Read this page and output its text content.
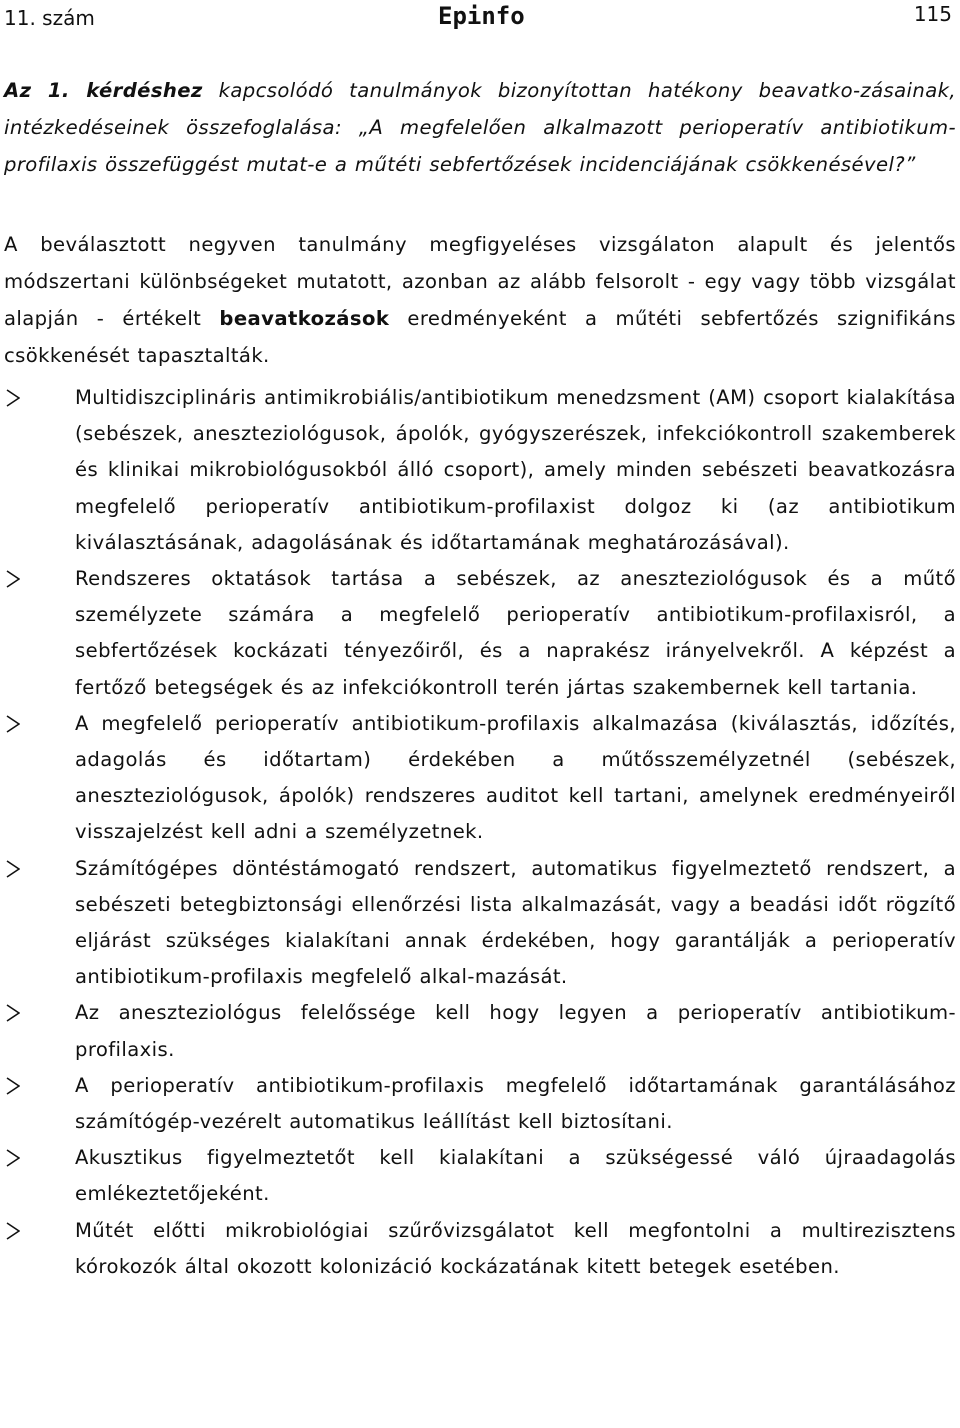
11. szám	Epinfo	115
Az 1. kérdéshez kapcsolódó tanulmányok bizonyítottan hatékony beavatko-zásainak, intézkedéseinek összefoglalása: „A megfelelően alkalmazott perioperatív antibiotikum-profilaxis összefüggést mutat-e a műtéti sebfertőzések incidenciájának csökkenésével?”
A beválasztott negyven tanulmány megfigyeléses vizsgálaton alapult és jelentős módszertani különbségeket mutatott, azonban az alább felsorolt - egy vagy több vizsgálat alapján - értékelt beavatkozások eredményeként a műtéti sebfertőzés szignifikáns csökkenését tapasztalták.
Multidiszciplináris antimikrobiális/antibiotikum menedzsment (AM) csoport kialakítása (sebészek, aneszteziológusok, ápolók, gyógyszerészek, infekciókontroll szakemberek és klinikai mikrobiológusokból álló csoport), amely minden sebészeti beavatkozásra megfelelő perioperatív antibiotikum-profilaxist dolgoz ki (az antibiotikum kiválasztásának, adagolásának és időtartamának meghatározásával).
Rendszeres oktatások tartása a sebészek, az aneszteziológusok és a műtő személyzete számára a megfelelő perioperatív antibiotikum-profilaxisról, a sebfertőzések kockázati tényezőiről, és a naprakész irányelvekről. A képzést a fertőző betegségek és az infekciókontroll terén jártas szakembernek kell tartania.
A megfelelő perioperatív antibiotikum-profilaxis alkalmazása (kiválasztás, időzítés, adagolás és időtartam) érdekében a műtősszemélyzetnél (sebészek, aneszteziológusok, ápolók) rendszeres auditot kell tartani, amelynek eredményeiről visszajelzést kell adni a személyzetnek.
Számítógépes döntéstámogató rendszert, automatikus figyelmeztető rendszert, a sebészeti betegbiztonsági ellenőrzési lista alkalmazását, vagy a beadási időt rögzítő eljárást szükséges kialakítani annak érdekében, hogy garantálják a perioperatív antibiotikum-profilaxis megfelelő alkal-mazását.
Az aneszteziológus felelőssége kell hogy legyen a perioperatív antibiotikum-profilaxis.
A perioperatív antibiotikum-profilaxis megfelelő időtartamának garantálásához számítógép-vezérelt automatikus leállítást kell biztosítani.
Akusztikus figyelmeztetőt kell kialakítani a szükségessé váló újraadagolás emlékeztetőjeként.
Műtét előtti mikrobiológiai szűrővizsgálatot kell megfontolni a multirezisztens kórokozók által okozott kolonizáció kockázatának kitett betegek esetében.
